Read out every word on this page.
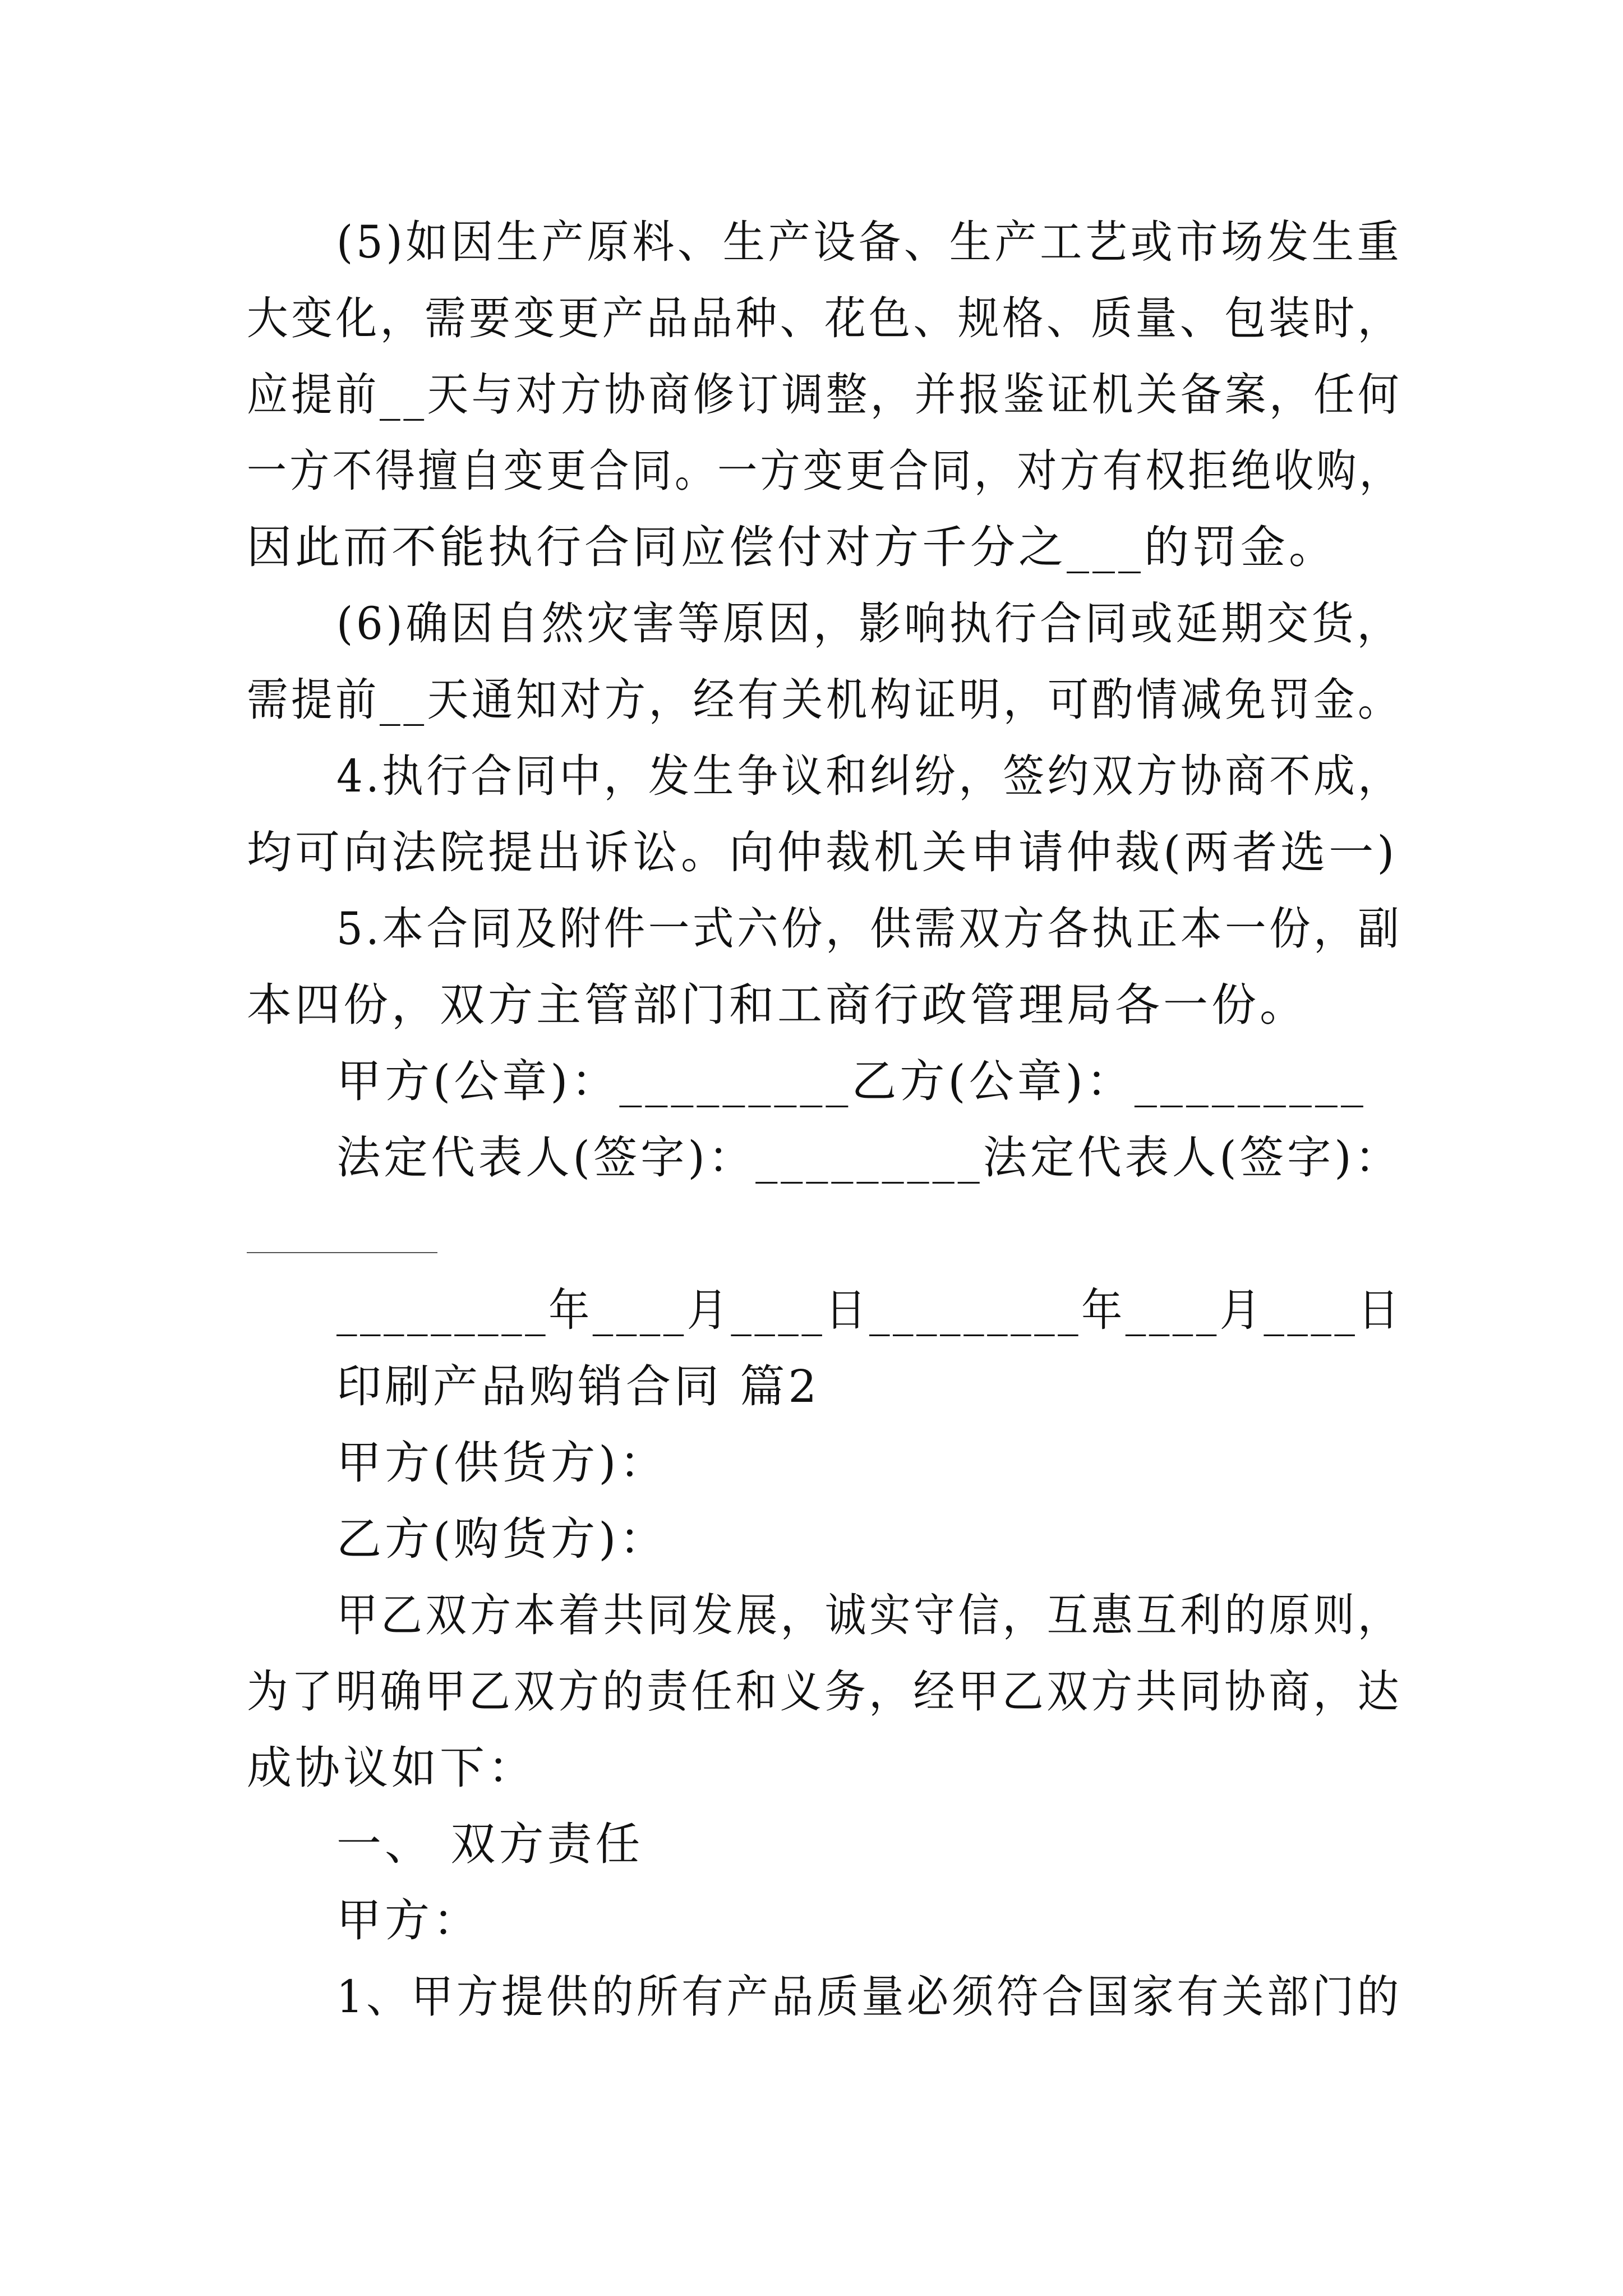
(5)如因生产原料、生产设备、生产工艺或市场发生重
大变化，需要变更产品品种、花色、规格、质量、包装时，
应提前__天与对方协商修订调整，并报鉴证机关备案，任何
一方不得擅自变更合同。一方变更合同，对方有权拒绝收购，
因此而不能执行合同应偿付对方千分之___的罚金。
(6)确因自然灾害等原因，影响执行合同或延期交货，
需提前__天通知对方，经有关机构证明，可酌情减免罚金。
4.执行合同中，发生争议和纠纷，签约双方协商不成，
均可向法院提出诉讼。向仲裁机关申请仲裁(两者选一)
5.本合同及附件一式六份，供需双方各执正本一份，副
本四份，双方主管部门和工商行政管理局各一份。
甲方(公章)：_________乙方(公章)：_________
法定代表人(签字)：_________法定代表人(签字)：
_________年____月____日_________年____月____日
印刷产品购销合同 篇2
甲方(供货方)：
乙方(购货方)：
甲乙双方本着共同发展，诚实守信，互惠互利的原则，
为了明确甲乙双方的责任和义务，经甲乙双方共同协商，达
成协议如下：
一、 双方责任
甲方：
1、甲方提供的所有产品质量必须符合国家有关部门的
